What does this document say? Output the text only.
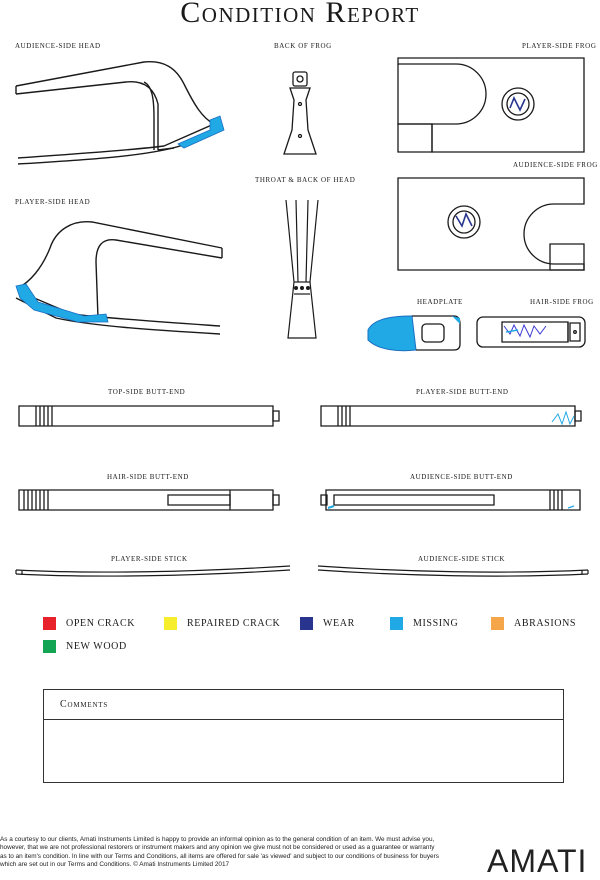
Condition Report
AUDIENCE-SIDE HEAD	BACK OF FROG	PLAYER-SIDE FROG
AUDIENCE-SIDE FROG
THROAT & BACK OF HEAD
PLAYER-SIDE HEAD
HEADPLATE	HAIR-SIDE FROG
TOP-SIDE BUTT-END	PLAYER-SIDE BUTT-END
HAIR-SIDE BUTT-END	AUDIENCE-SIDE BUTT-END
PLAYER-SIDE STICK	AUDIENCE-SIDE STICK
OPEN CRACK	REPAIRED CRACK	WEAR	MISSING	ABRASIONS
NEW WOOD
Comments
As a courtesy to our clients, Amati Instruments Limited is happy to provide an informal opinion as to the general condition of an item. We must advise you, however, that we are not professional restorers or instrument makers and any opinion we give must not be considered or used as a guarantee or warranty as to an item's condition. In line with our Terms and Conditions, all items are offered for sale 'as viewed' and subject to our conditions of business for buyers which are set out in our Terms and Conditions. © Amati Instruments Limited 2017	AMATI
